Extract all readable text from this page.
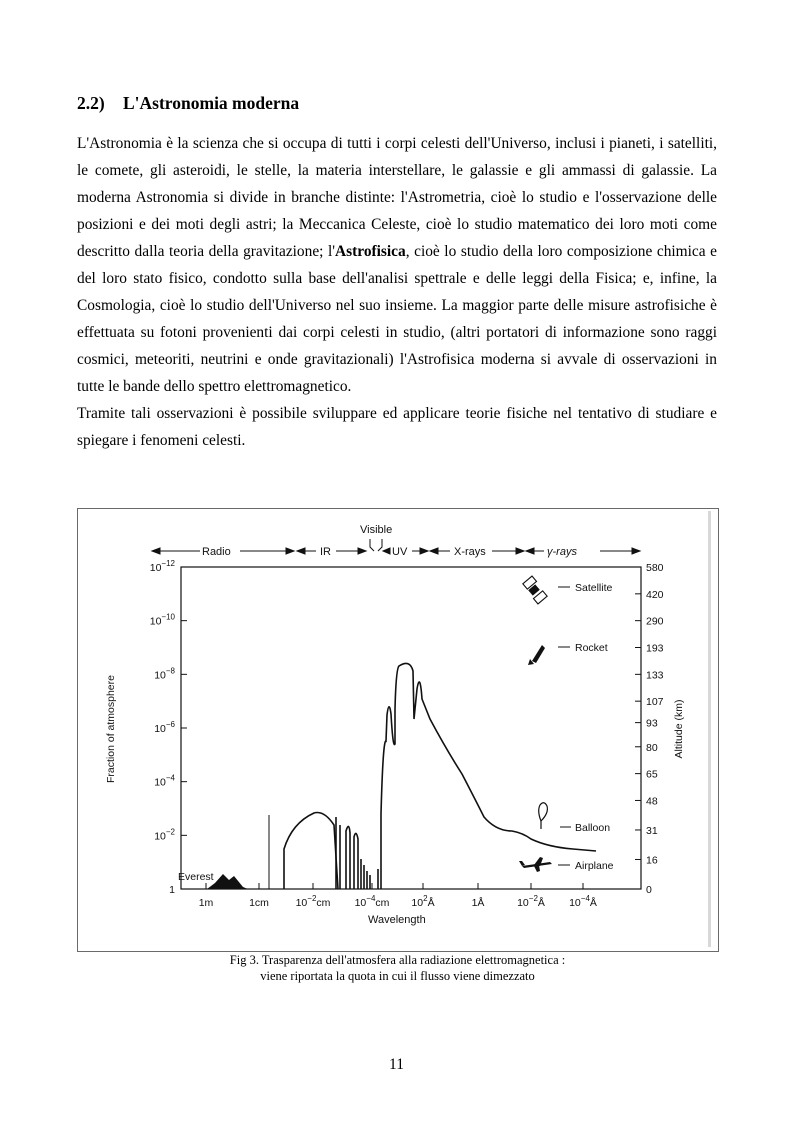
2.2) L'Astronomia moderna

L'Astronomia è la scienza che si occupa di tutti i corpi celesti dell'Universo, inclusi i pianeti, i satelliti, le comete, gli asteroidi, le stelle, la materia interstellare, le galassie e gli ammassi di galassie. La moderna Astronomia si divide in branche distinte: l'Astrometria, cioè lo studio e l'osservazione delle posizioni e dei moti degli astri; la Meccanica Celeste, cioè lo studio matematico dei loro moti come descritto dalla teoria della gravitazione; l'Astrofisica, cioè lo studio della loro composizione chimica e del loro stato fisico, condotto sulla base dell'analisi spettrale e delle leggi della Fisica; e, infine, la Cosmologia, cioè lo studio dell'Universo nel suo insieme. La maggior parte delle misure astrofisiche è effettuata su fotoni provenienti dai corpi celesti in studio, (altri portatori di informazione sono raggi cosmici, meteoriti, neutrini e onde gravitazionali) l'Astrofisica moderna si avvale di osservazioni in tutte le bande dello spettro elettromagnetico.

Tramite tali osservazioni è possibile sviluppare ed applicare teorie fisiche nel tentativo di studiare e spiegare i fenomeni celesti.

Radio	IR
Visible
UV	X-rays	γ-rays
Fraction of atmosphere	Altitude (km)
Wavelength
$10^{-12}$
$10^{-10}$
$10^{-8}$
$10^{-6}$
$10^{-4}$
$10^{-2}$
1
580
420
290
193
133
107
93
80
65
48
31
16
0
1m	1cm	$10^{-2}cm$ $10^{-4}cm$ $10^2Å$	1Å	$10^{-2}Å$ $10^{-4}Å$
Everest
Satellite
Rocket
Balloon
Airplane
Fig 3. Trasparenza dell'atmosfera alla radiazione elettromagnetica :
viene riportata la quota in cui il flusso viene dimezzato
11
